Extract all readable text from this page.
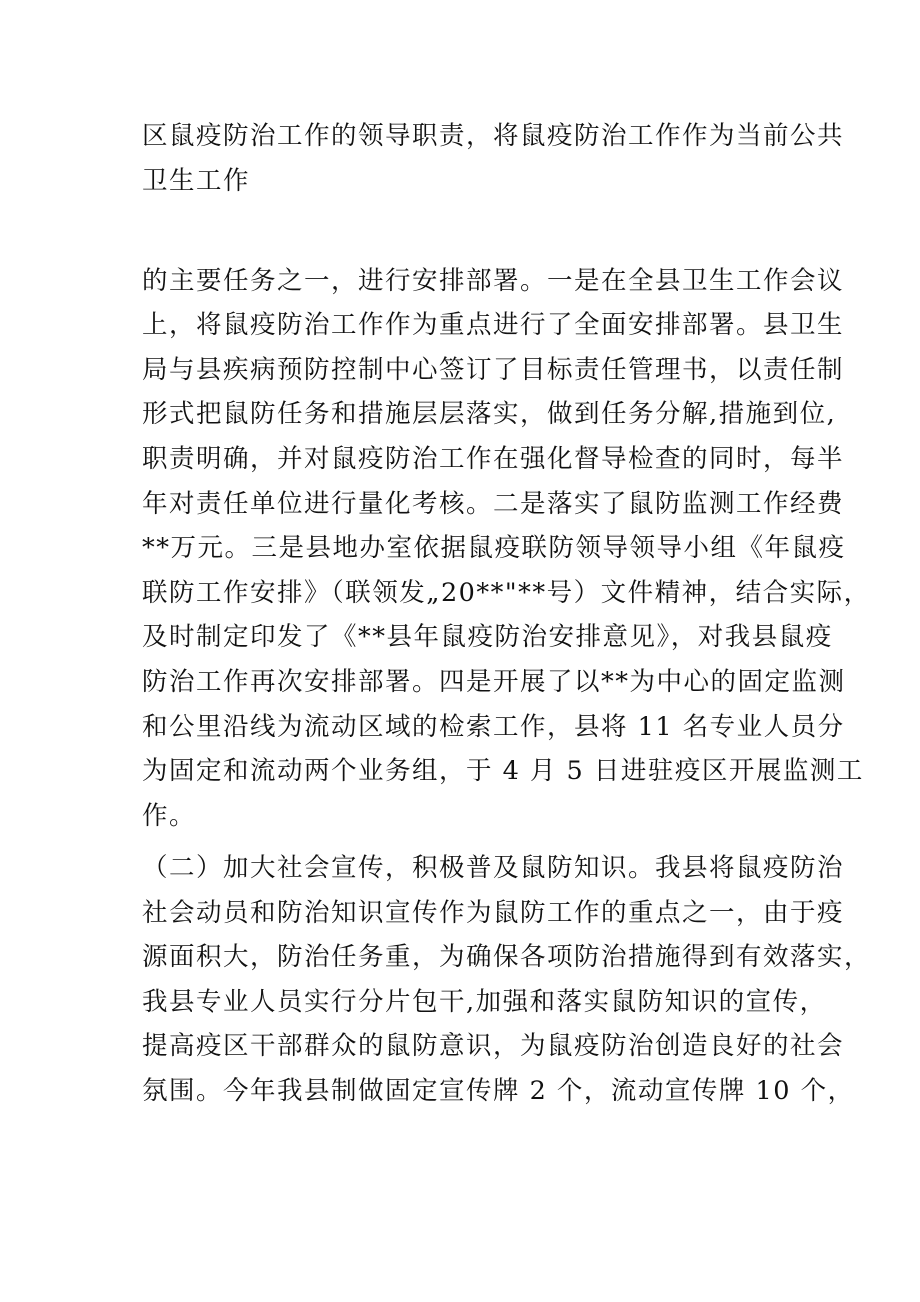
区鼠疫防治工作的领导职责，将鼠疫防治工作作为当前公共

卫生工作

的主要任务之一，进行安排部署。一是在全县卫生工作会议

上，将鼠疫防治工作作为重点进行了全面安排部署。县卫生

局与县疾病预防控制中心签订了目标责任管理书，以责任制

形式把鼠防任务和措施层层落实，做到任务分解,措施到位,

职责明确，并对鼠疫防治工作在强化督导检查的同时，每半

年对责任单位进行量化考核。二是落实了鼠防监测工作经费

**万元。三是县地办室依据鼠疫联防领导领导小组《年鼠疫

联防工作安排》（联领发„20**"**号）文件精神，结合实际，

及时制定印发了《**县年鼠疫防治安排意见》，对我县鼠疫

防治工作再次安排部署。四是开展了以**为中心的固定监测

和公里沿线为流动区域的检索工作，县将 11 名专业人员分

为固定和流动两个业务组，于 4 月 5 日进驻疫区开展监测工

作。

（二）加大社会宣传，积极普及鼠防知识。我县将鼠疫防治

社会动员和防治知识宣传作为鼠防工作的重点之一，由于疫

源面积大，防治任务重，为确保各项防治措施得到有效落实，

我县专业人员实行分片包干,加强和落实鼠防知识的宣传，

提高疫区干部群众的鼠防意识，为鼠疫防治创造良好的社会

氛围。今年我县制做固定宣传牌 2 个，流动宣传牌 10 个，
